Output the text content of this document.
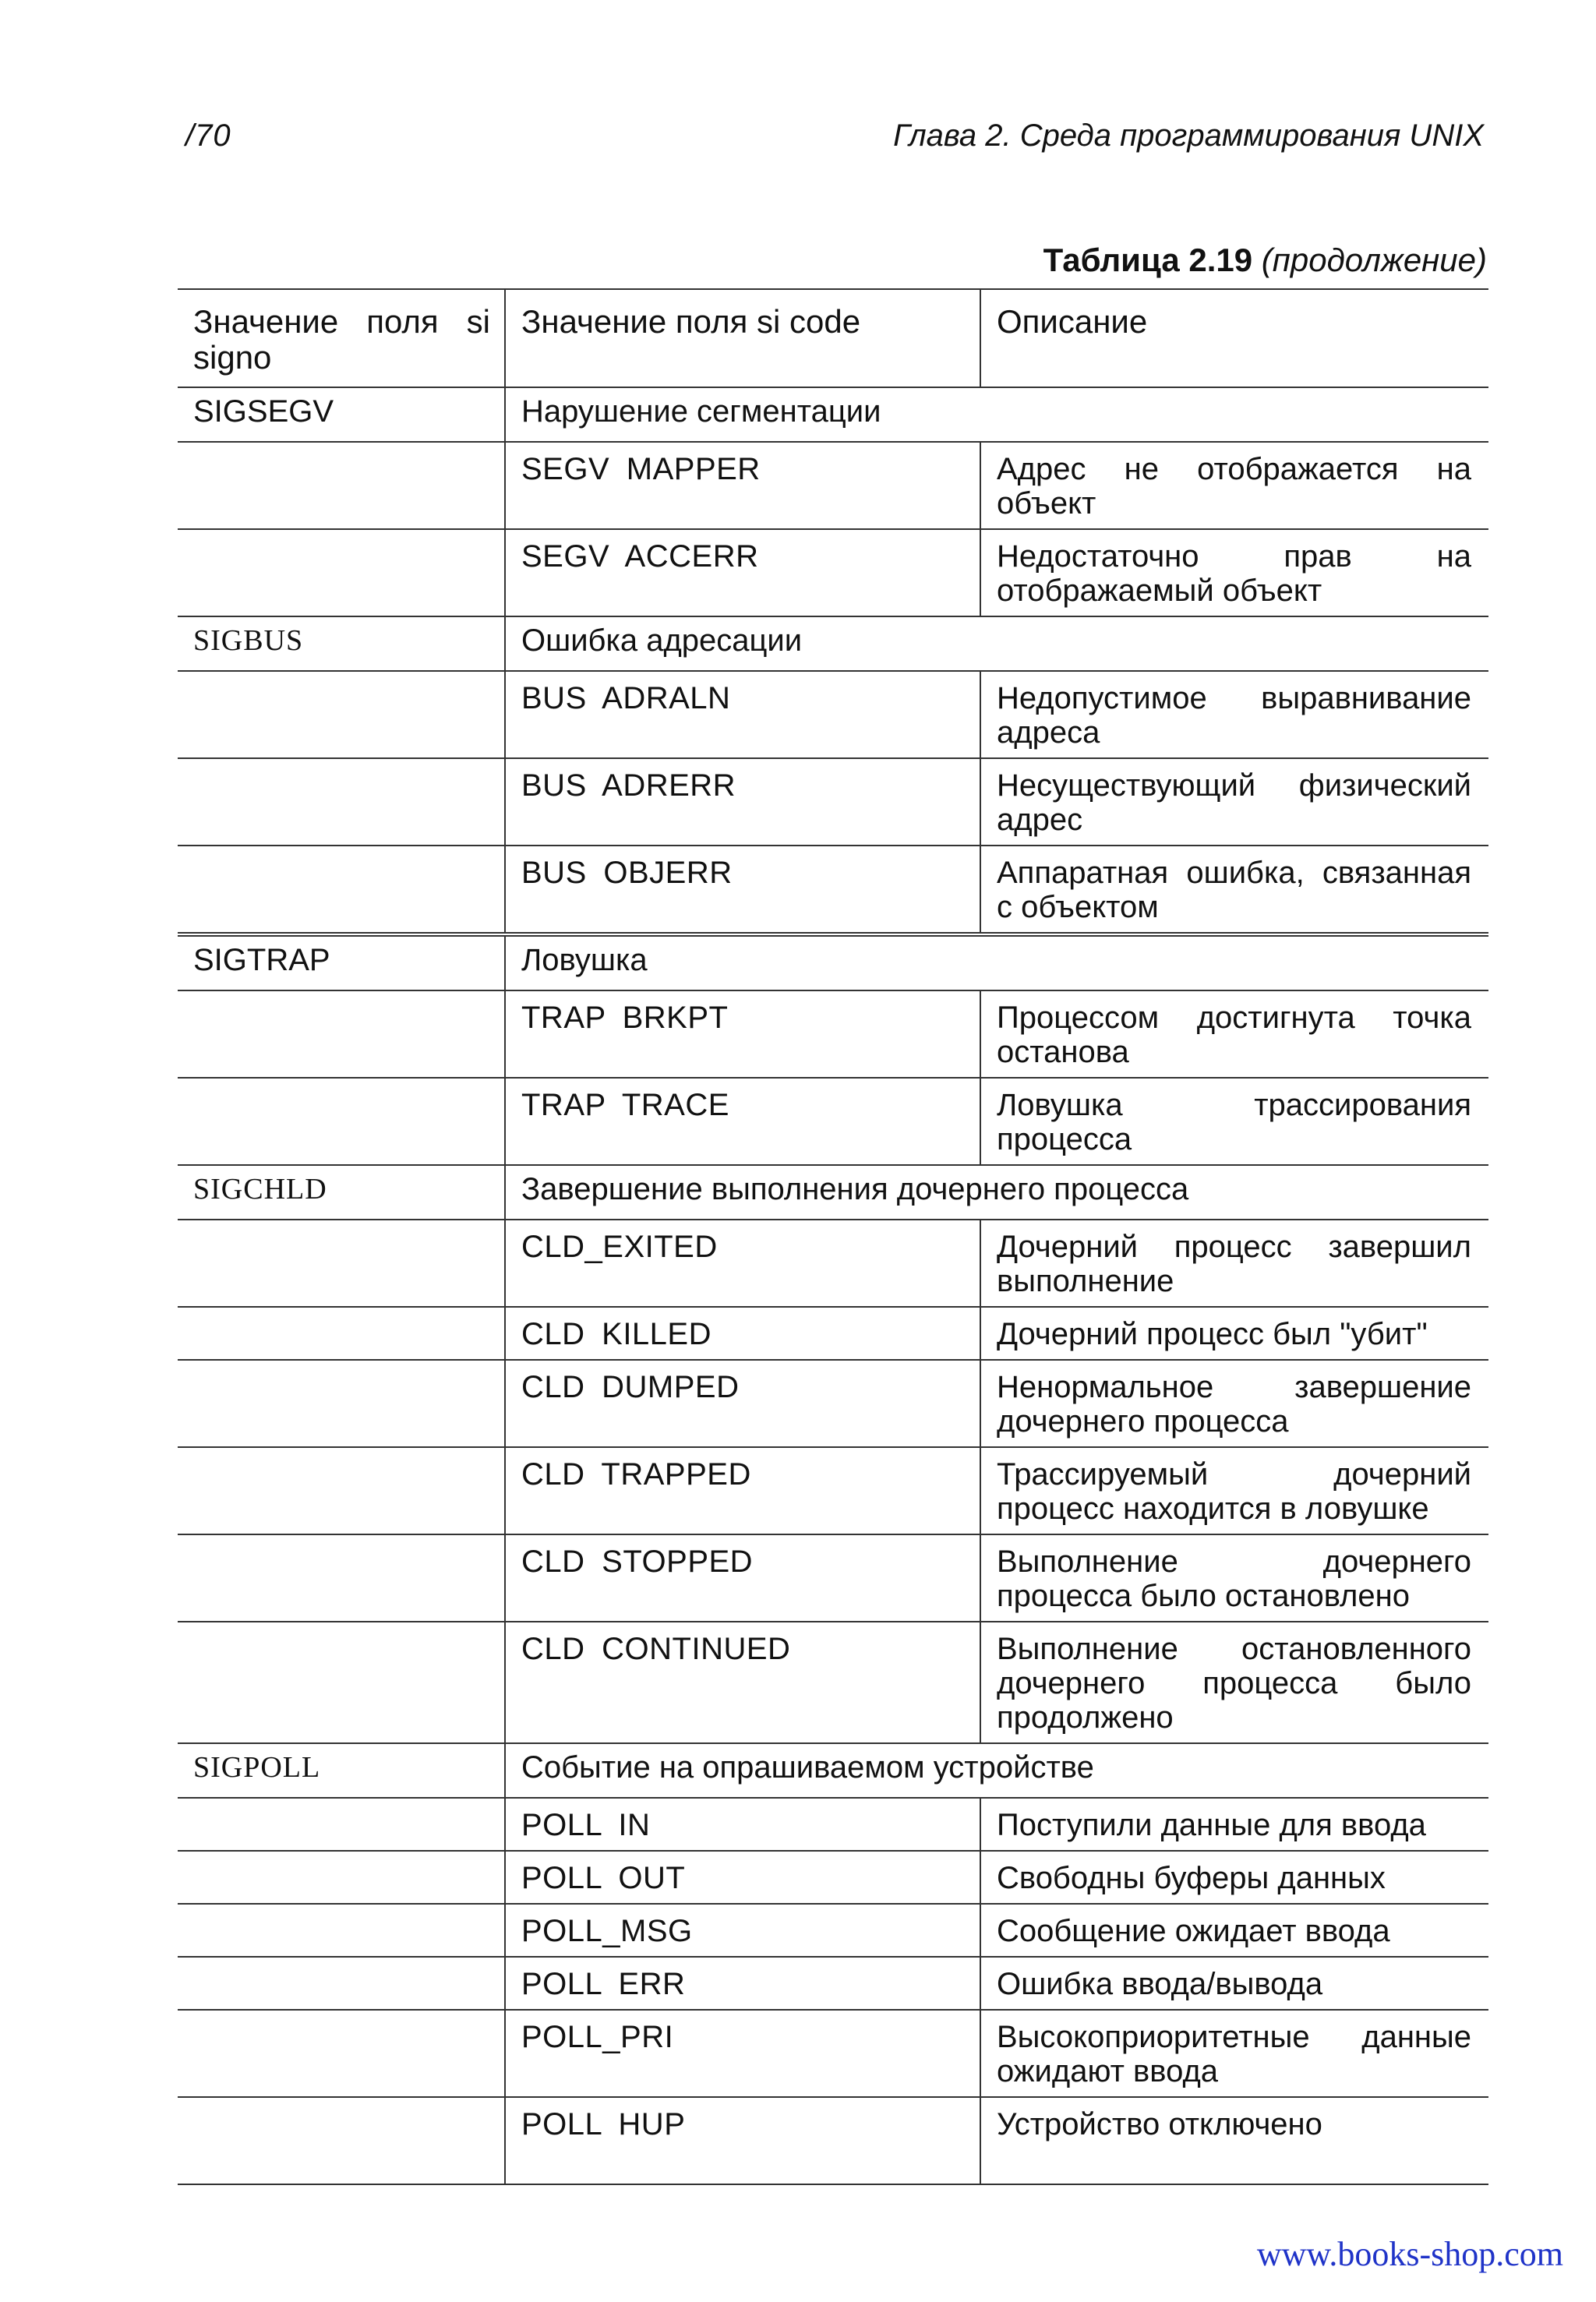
/70	Глава 2. Среда программирования UNIX
Таблица 2.19 (продолжение)
Значение поля si signo	Значение поля si code	Описание
SIGSEGV	Нарушение сегментации	
	SEGV MAPPER	Адрес не отображается на объект
	SEGV ACCERR	Недостаточно прав на отображаемый объект
SIGBUS	Ошибка адресации	
	BUS ADRALN	Недопустимое выравнивание адреса
	BUS ADRERR	Несуществующий физический адрес
	BUS OBJERR	Аппаратная ошибка, связанная с объектом
SIGTRAP	Ловушка	
	TRAP BRKPT	Процессом достигнута точка останова
	TRAP TRACE	Ловушка трассирования процесса
SIGCHLD	Завершение выполнения дочернего процесса	
	CLD_EXITED	Дочерний процесс завершил выполнение
	CLD KILLED	Дочерний процесс был "убит"
	CLD DUMPED	Ненормальное завершение дочернего процесса
	CLD TRAPPED	Трассируемый дочерний процесс находится в ловушке
	CLD STOPPED	Выполнение дочернего процесса было остановлено
	CLD CONTINUED	Выполнение остановленного дочернего процесса было продолжено
SIGPOLL	Событие на опрашиваемом устройстве	
	POLL IN	Поступили данные для ввода
	POLL OUT	Свободны буферы данных
	POLL_MSG	Сообщение ожидает ввода
	POLL ERR	Ошибка ввода/вывода
	POLL_PRI	Высокоприоритетные данные ожидают ввода
	POLL HUP	Устройство отключено
www.books-shop.com
